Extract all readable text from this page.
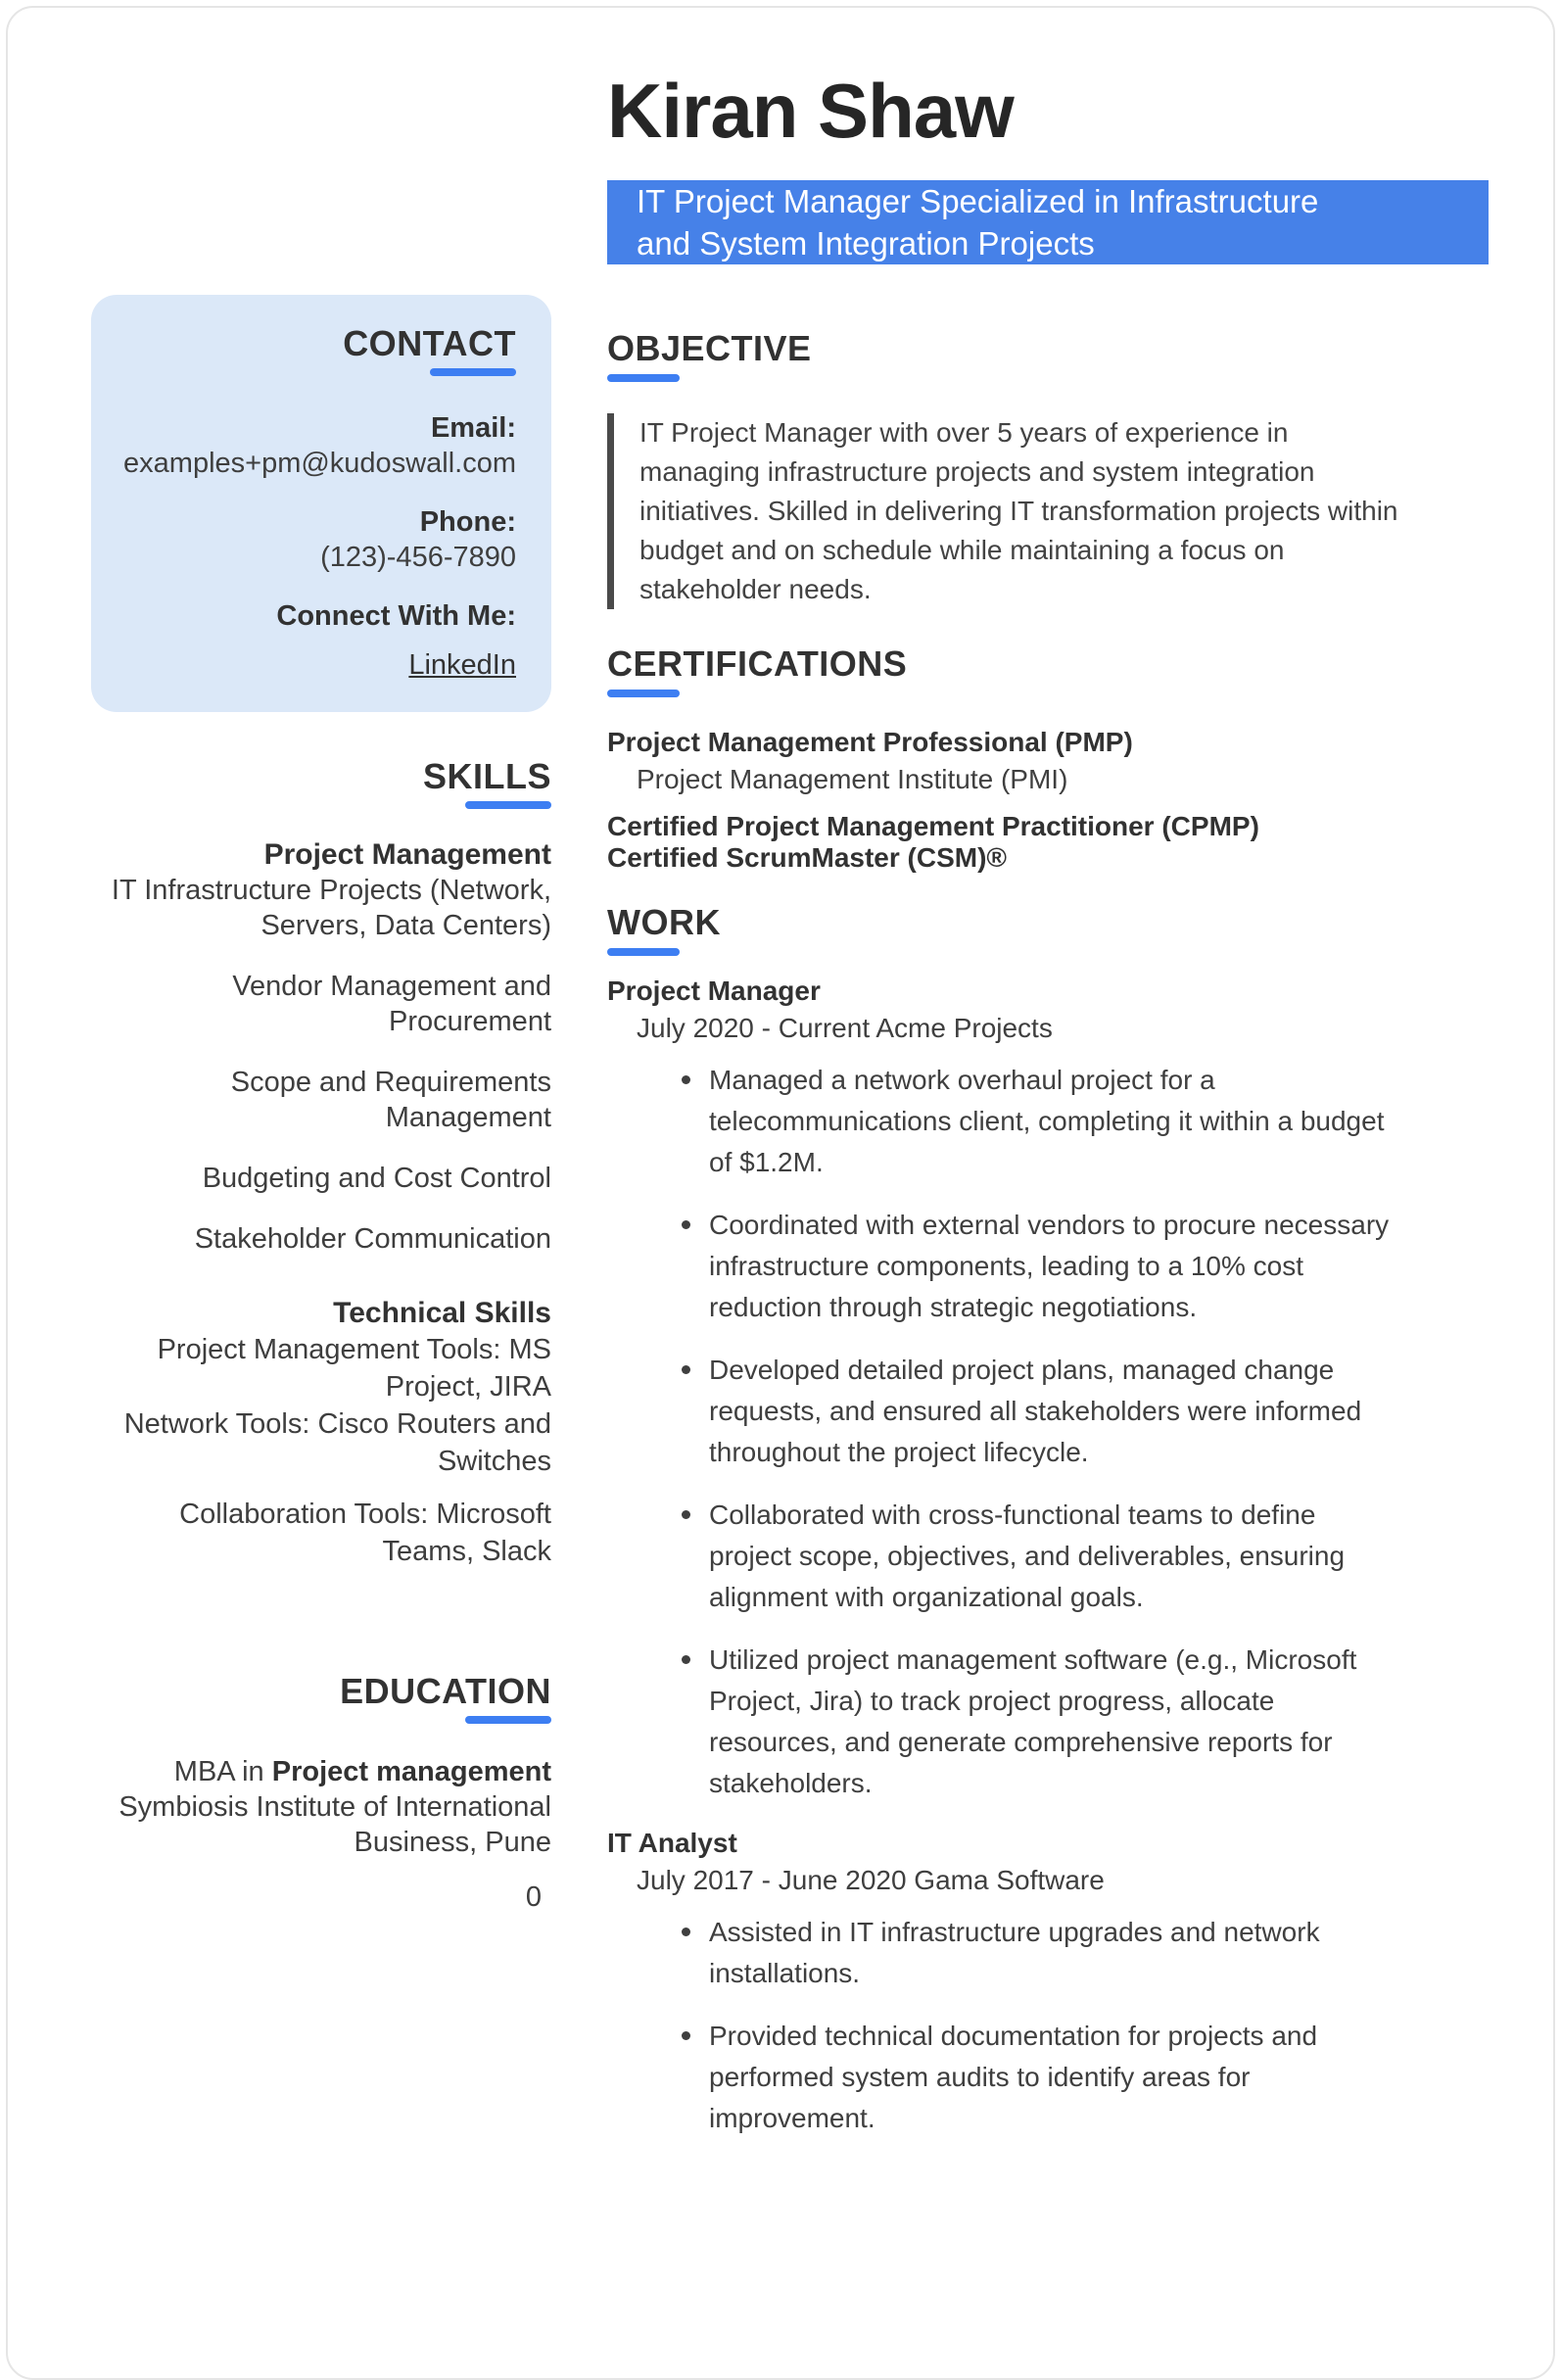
CONTACT
Email:
examples+pm@kudoswall.com
Phone:
(123)-456-7890
Connect With Me:
LinkedIn
SKILLS
Project Management
IT Infrastructure Projects (Network, Servers, Data Centers)
Vendor Management and Procurement
Scope and Requirements Management
Budgeting and Cost Control
Stakeholder Communication
Technical Skills
Project Management Tools: MS Project, JIRA
Network Tools: Cisco Routers and Switches
Collaboration Tools: Microsoft Teams, Slack
EDUCATION
MBA in Project management
Symbiosis Institute of International Business, Pune
0
Kiran Shaw
IT Project Manager Specialized in Infrastructure
and System Integration Projects
OBJECTIVE
IT Project Manager with over 5 years of experience in
managing infrastructure projects and system integration
initiatives. Skilled in delivering IT transformation projects within
budget and on schedule while maintaining a focus on
stakeholder needs.
CERTIFICATIONS
Project Management Professional (PMP)
Project Management Institute (PMI)
Certified Project Management Practitioner (CPMP)
Certified ScrumMaster (CSM)®
WORK
Project Manager
July 2020 - Current Acme Projects
Managed a network overhaul project for a telecommunications client, completing it within a budget of $1.2M.
Coordinated with external vendors to procure necessary infrastructure components, leading to a 10% cost reduction through strategic negotiations.
Developed detailed project plans, managed change requests, and ensured all stakeholders were informed throughout the project lifecycle.
Collaborated with cross-functional teams to define project scope, objectives, and deliverables, ensuring alignment with organizational goals.
Utilized project management software (e.g., Microsoft Project, Jira) to track project progress, allocate resources, and generate comprehensive reports for stakeholders.
IT Analyst
July 2017 - June 2020 Gama Software
Assisted in IT infrastructure upgrades and network installations.
Provided technical documentation for projects and performed system audits to identify areas for improvement.
